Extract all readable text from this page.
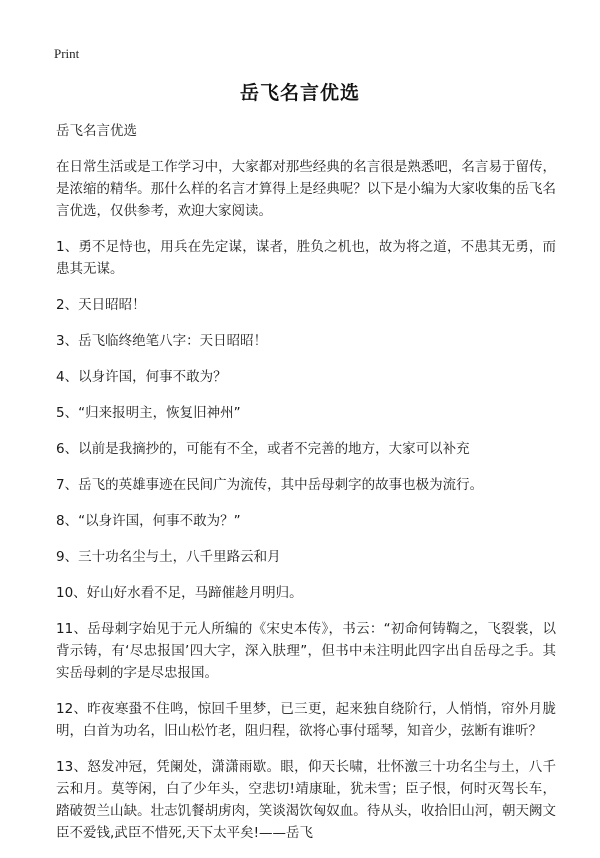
Print
岳飞名言优选

岳飞名言优选

在日常生活或是工作学习中，大家都对那些经典的名言很是熟悉吧，名言易于留传，是浓缩的精华。那什么样的名言才算得上是经典呢？以下是小编为大家收集的岳飞名言优选，仅供参考，欢迎大家阅读。

1、勇不足恃也，用兵在先定谋，谋者，胜负之机也，故为将之道，不患其无勇，而患其无谋。

2、天日昭昭！

3、岳飞临终绝笔八字：天日昭昭！

4、以身许国，何事不敢为？

5、“归来报明主，恢复旧神州”

6、以前是我摘抄的，可能有不全，或者不完善的地方，大家可以补充

7、岳飞的英雄事迹在民间广为流传，其中岳母刺字的故事也极为流行。

8、“以身许国，何事不敢为？”

9、三十功名尘与土，八千里路云和月

10、好山好水看不足，马蹄催趁月明归。

11、岳母刺字始见于元人所编的《宋史本传》，书云：“初命何铸鞫之，飞裂裳，以背示铸，有‘尽忠报国’四大字，深入肤理”，但书中未注明此四字出自岳母之手。其实岳母刺的字是尽忠报国。

12、昨夜寒蛩不住鸣，惊回千里梦，已三更，起来独自绕阶行，人悄悄，帘外月胧明，白首为功名，旧山松竹老，阻归程，欲将心事付瑶琴，知音少，弦断有谁听？

13、怒发冲冠，凭阑处，潇潇雨歇。眼，仰天长啸，壮怀激三十功名尘与土，八千云和月。莫等闲，白了少年头，空悲切!靖康耻，犹未雪；臣子恨，何时灭驾长车，踏破贺兰山缺。壮志饥餐胡虏肉，笑谈渴饮匈奴血。待从头，收拾旧山河，朝天阙文臣不爱钱,武臣不惜死,天下太平矣!——岳飞
